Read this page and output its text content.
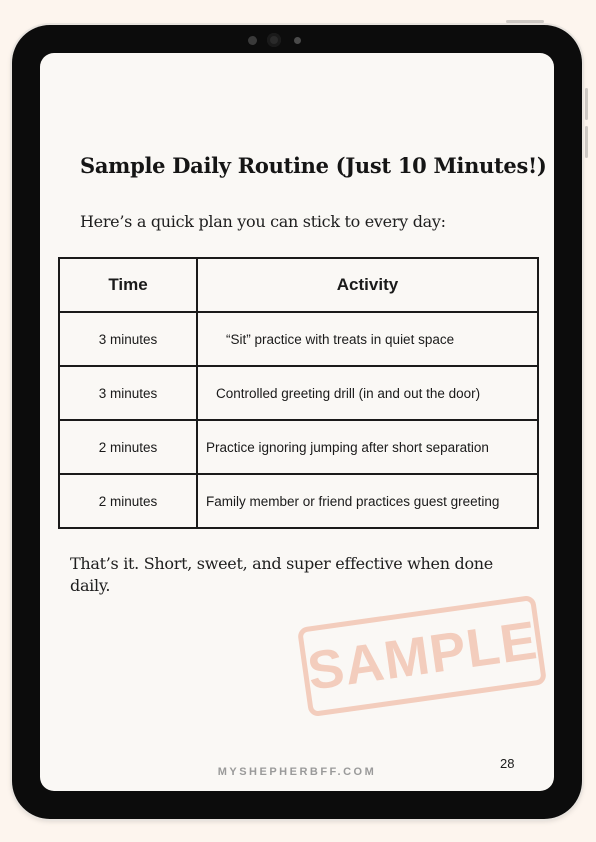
Sample Daily Routine (Just 10 Minutes!)

Here’s a quick plan you can stick to every day:

Time	Activity
3 minutes	“Sit” practice with treats in quiet space
3 minutes	Controlled greeting drill (in and out the door)
2 minutes	Practice ignoring jumping after short separation
2 minutes	Family member or friend practices guest greeting

That’s it. Short, sweet, and super effective when done daily.

SAMPLE
28
MYSHEPHERBFF.COM
